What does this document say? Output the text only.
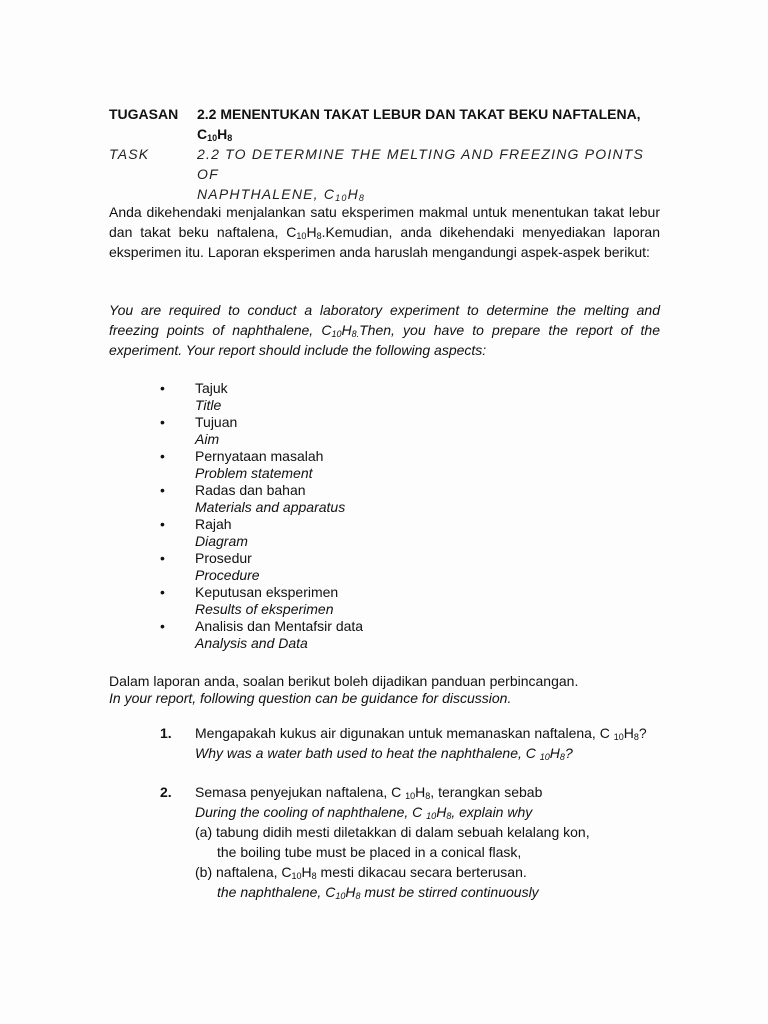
TUGASAN	2.2 MENENTUKAN TAKAT LEBUR DAN TAKAT BEKU NAFTALENA,
$C_{10}H_8$
TASK	2.2 TO DETERMINE THE MELTING AND FREEZING POINTS OF
NAPHTHALENE, $C_{10}H_8$
Anda dikehendaki menjalankan satu eksperimen makmal untuk menentukan takat lebur dan takat beku naftalena, $C_{10}H_8.Kemudian$, anda dikehendaki menyediakan laporan eksperimen itu. Laporan eksperimen anda haruslah mengandungi aspek-aspek berikut:
You are required to conduct a laboratory experiment to determine the melting and freezing points of naphthalene, $C_{10}H_{8.}Then$, you have to prepare the report of the experiment. Your report should include the following aspects:
• Tajuk
Title
• Tujuan
Aim
• Pernyataan masalah
Problem statement
• Radas dan bahan
Materials and apparatus
• Rajah
Diagram
• Prosedur
Procedure
• Keputusan eksperimen
Results of eksperimen
• Analisis dan Mentafsir data
Analysis and Data
Dalam laporan anda, soalan berikut boleh dijadikan panduan perbincangan.
In your report, following question can be guidance for discussion.
1. Mengapakah kukus air digunakan untuk memanaskan naftalena, C $_{10}H_8$?
Why was a water bath used to heat the naphthalene, C $_{10}H_8$?
2. Semasa penyejukan naftalena, C $_{10}H_8$, terangkan sebab
During the cooling of naphthalene, C $_{10}H_8$, explain why
(a) tabung didih mesti diletakkan di dalam sebuah kelalang kon,
the boiling tube must be placed in a conical flask,
(b) naftalena, $C_{10}H_8$ mesti dikacau secara berterusan.
the naphthalene, $C_{10}H_8$ must be stirred continuously
